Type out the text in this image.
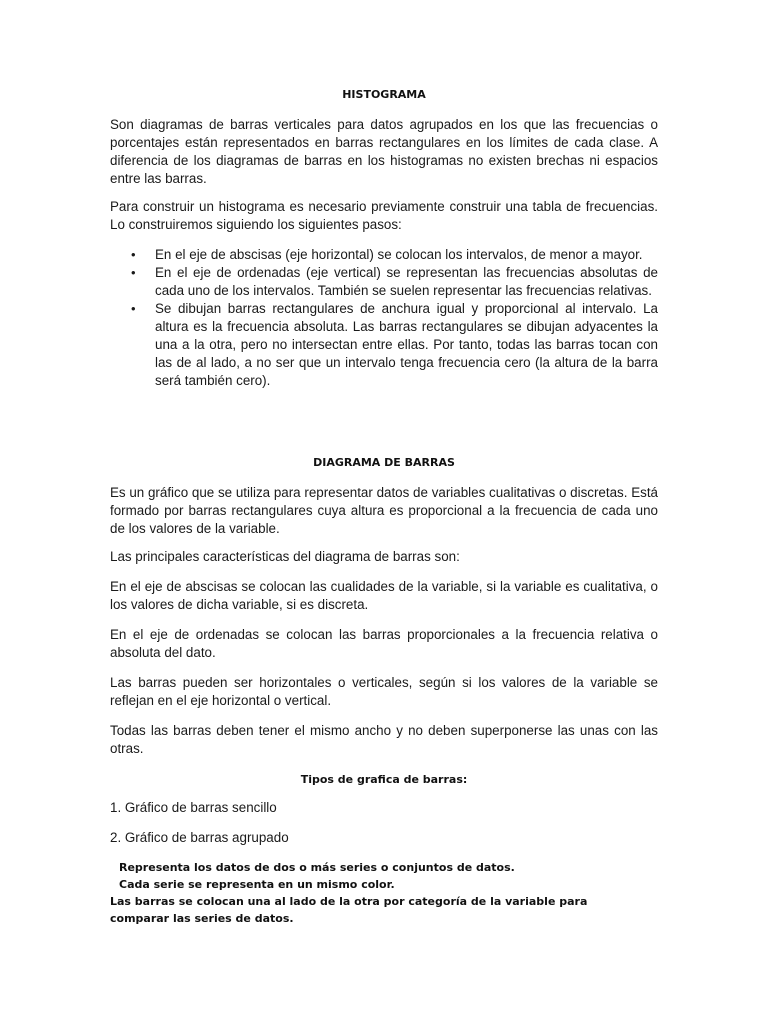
HISTOGRAMA

Son diagramas de barras verticales para datos agrupados en los que las frecuencias o porcentajes están representados en barras rectangulares en los límites de cada clase. A diferencia de los diagramas de barras en los histogramas no existen brechas ni espacios entre las barras.

Para construir un histograma es necesario previamente construir una tabla de frecuencias. Lo construiremos siguiendo los siguientes pasos:

• En el eje de abscisas (eje horizontal) se colocan los intervalos, de menor a mayor.
• En el eje de ordenadas (eje vertical) se representan las frecuencias absolutas de cada uno de los intervalos. También se suelen representar las frecuencias relativas.
• Se dibujan barras rectangulares de anchura igual y proporcional al intervalo. La altura es la frecuencia absoluta. Las barras rectangulares se dibujan adyacentes la una a la otra, pero no intersectan entre ellas. Por tanto, todas las barras tocan con las de al lado, a no ser que un intervalo tenga frecuencia cero (la altura de la barra será también cero).
DIAGRAMA DE BARRAS

Es un gráfico que se utiliza para representar datos de variables cualitativas o discretas. Está formado por barras rectangulares cuya altura es proporcional a la frecuencia de cada uno de los valores de la variable.

Las principales características del diagrama de barras son:

En el eje de abscisas se colocan las cualidades de la variable, si la variable es cualitativa, o los valores de dicha variable, si es discreta.

En el eje de ordenadas se colocan las barras proporcionales a la frecuencia relativa o absoluta del dato.

Las barras pueden ser horizontales o verticales, según si los valores de la variable se reflejan en el eje horizontal o vertical.

Todas las barras deben tener el mismo ancho y no deben superponerse las unas con las otras.

Tipos de grafica de barras:

1. Gráfico de barras sencillo

2. Gráfico de barras agrupado

Representa los datos de dos o más series o conjuntos de datos.

Cada serie se representa en un mismo color.

Las barras se colocan una al lado de la otra por categoría de la variable para comparar las series de datos.
